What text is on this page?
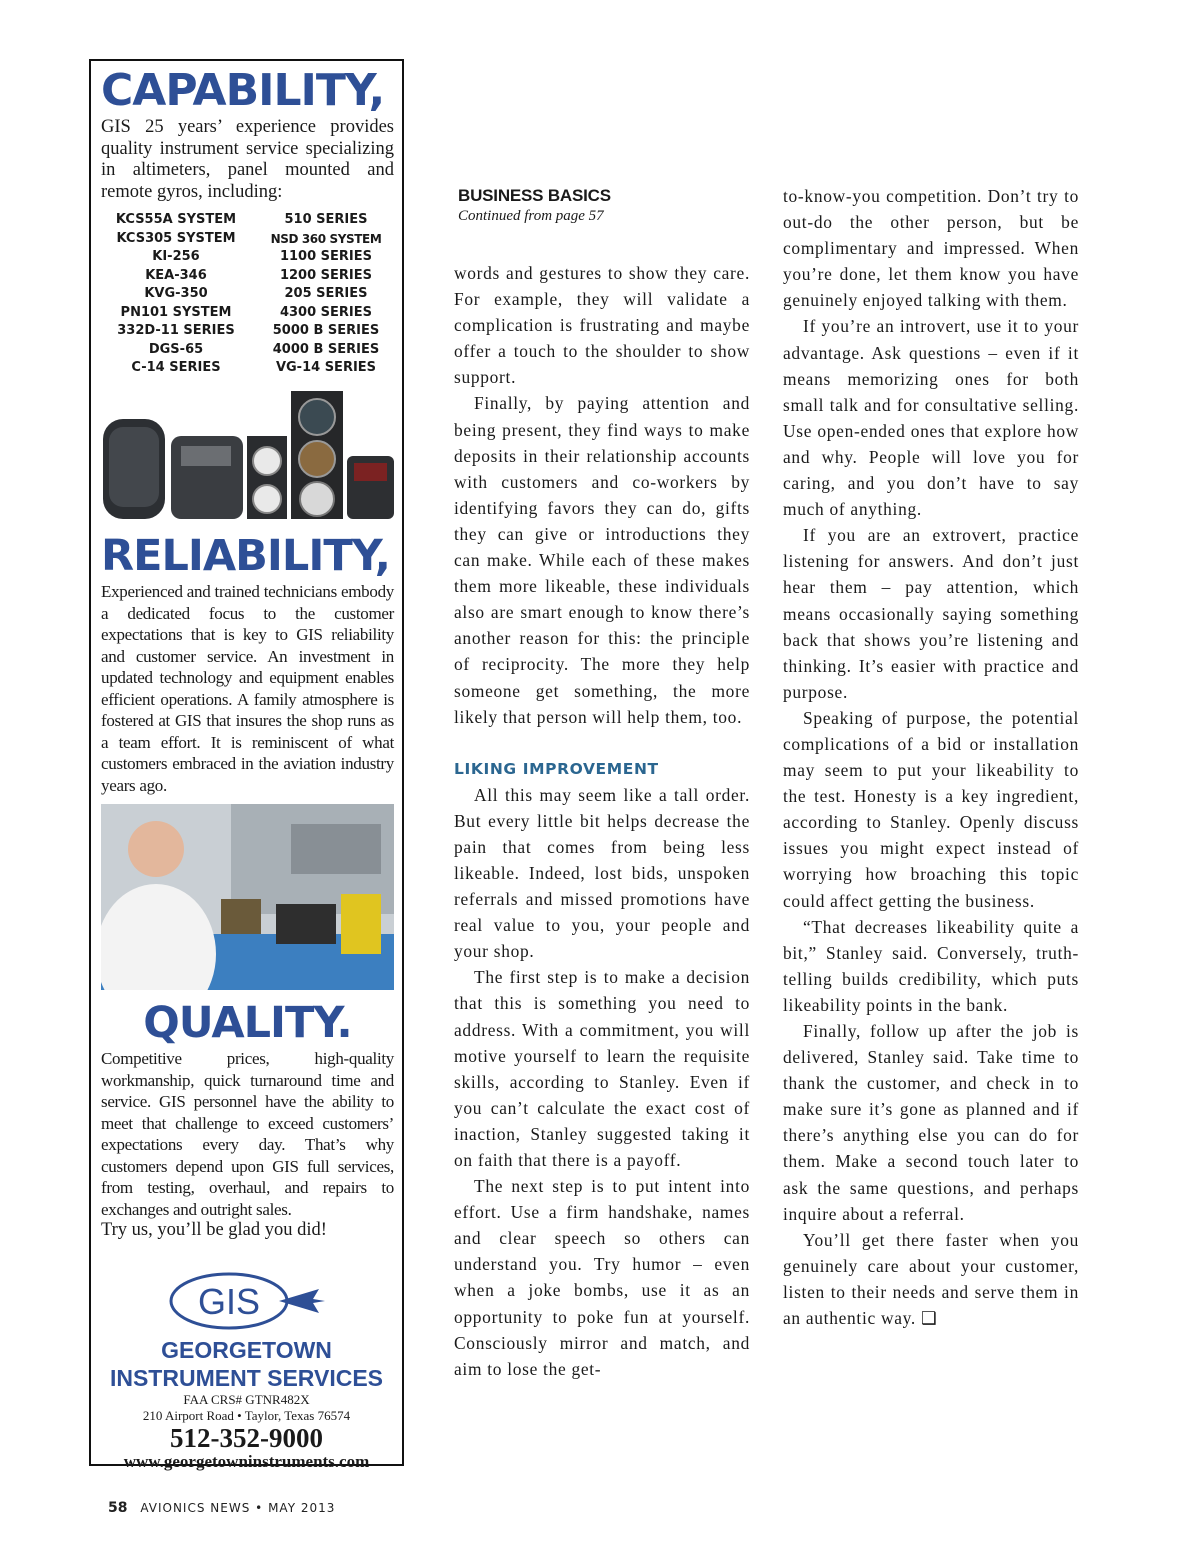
CAPABILITY,

GIS 25 years’ experience provides quality instrument service specializing in altimeters, panel mounted and remote gyros, including:

KCS55A SYSTEM
KCS305 SYSTEM
KI-256
KEA-346
KVG-350
PN101 SYSTEM
332D-11 SERIES
DGS-65
C-14 SERIES
510 SERIES
NSD 360 SYSTEM
1100 SERIES
1200 SERIES
205 SERIES
4300 SERIES
5000 B SERIES
4000 B SERIES
VG-14 SERIES
RELIABILITY,

Experienced and trained technicians embody a dedicated focus to the customer expectations that is key to GIS reliability and customer service. An investment in updated technology and equipment enables efficient operations. A family atmosphere is fostered at GIS that insures the shop runs as a team effort. It is reminiscent of what customers embraced in the aviation industry years ago.

QUALITY.

Competitive prices, high-quality workmanship, quick turnaround time and service. GIS personnel have the ability to meet that challenge to exceed customers’ expectations every day. That’s why customers depend upon GIS full services, from testing, overhaul, and repairs to exchanges and outright sales.

Try us, you’ll be glad you did!

GIS

GEORGETOWN

INSTRUMENT SERVICES

FAA CRS# GTNR482X

210 Airport Road • Taylor, Texas 76574

512-352-9000

www.georgetowninstruments.com

BUSINESS BASICS
Continued from page 57

words and gestures to show they care. For example, they will validate a complication is frustrating and maybe offer a touch to the shoulder to show support.

Finally, by paying attention and being present, they find ways to make deposits in their relationship accounts with customers and co-workers by identifying favors they can do, gifts they can give or introductions they can make. While each of these makes them more likeable, these individuals also are smart enough to know there’s another reason for this: the principle of reciprocity. The more they help someone get something, the more likely that person will help them, too.

LIKING IMPROVEMENT

All this may seem like a tall order. But every little bit helps decrease the pain that comes from being less likeable. Indeed, lost bids, unspoken referrals and missed promotions have real value to you, your people and your shop.

The first step is to make a decision that this is something you need to address. With a commitment, you will motive yourself to learn the requisite skills, according to Stanley. Even if you can’t calculate the exact cost of inaction, Stanley suggested taking it on faith that there is a payoff.

The next step is to put intent into effort. Use a firm handshake, names and clear speech so others can understand you. Try humor – even when a joke bombs, use it as an opportunity to poke fun at yourself. Consciously mirror and match, and aim to lose the get-

to-know-you competition. Don’t try to out-do the other person, but be complimentary and impressed. When you’re done, let them know you have genuinely enjoyed talking with them.

If you’re an introvert, use it to your advantage. Ask questions – even if it means memorizing ones for both small talk and for consultative selling. Use open-ended ones that explore how and why. People will love you for caring, and you don’t have to say much of anything.

If you are an extrovert, practice listening for answers. And don’t just hear them – pay attention, which means occasionally saying something back that shows you’re listening and thinking. It’s easier with practice and purpose.

Speaking of purpose, the potential complications of a bid or installation may seem to put your likeability to the test. Honesty is a key ingredient, according to Stanley. Openly discuss issues you might expect instead of worrying how broaching this topic could affect getting the business.

“That decreases likeability quite a bit,” Stanley said. Conversely, truth-telling builds credibility, which puts likeability points in the bank.

Finally, follow up after the job is delivered, Stanley said. Take time to thank the customer, and check in to make sure it’s gone as planned and if there’s anything else you can do for them. Make a second touch later to ask the same questions, and perhaps inquire about a referral.

You’ll get there faster when you genuinely care about your customer, listen to their needs and serve them in an authentic way. ❑

58 AVIONICS NEWS • MAY 2013
